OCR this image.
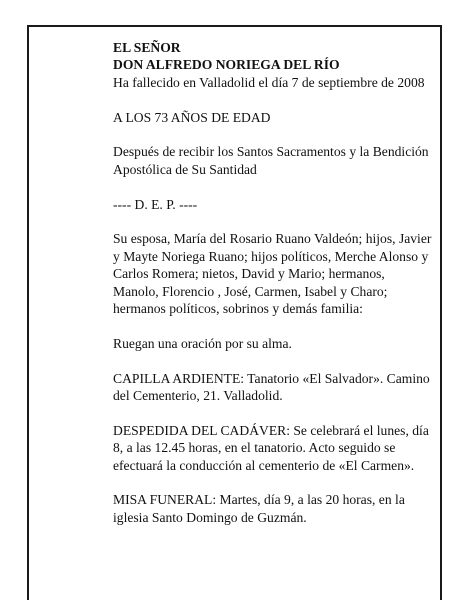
EL SEÑOR

DON ALFREDO NORIEGA DEL RÍO

Ha fallecido en Valladolid el día 7 de septiembre de 2008

A LOS 73 AÑOS DE EDAD

Después de recibir los Santos Sacramentos y la Bendición Apostólica de Su Santidad

---- D. E. P. ----

Su esposa, María del Rosario Ruano Valdeón; hijos, Javier y Mayte Noriega Ruano; hijos políticos, Merche Alonso y Carlos Romera; nietos, David y Mario; hermanos, Manolo, Florencio , José, Carmen, Isabel y Charo; hermanos políticos, sobrinos y demás familia:

Ruegan una oración por su alma.

CAPILLA ARDIENTE: Tanatorio «El Salvador». Camino del Cementerio, 21. Valladolid.

DESPEDIDA DEL CADÁVER: Se celebrará el lunes, día 8, a las 12.45 horas, en el tanatorio. Acto seguido se efectuará la conducción al cementerio de «El Carmen».

MISA FUNERAL: Martes, día 9, a las 20 horas, en la iglesia Santo Domingo de Guzmán.
